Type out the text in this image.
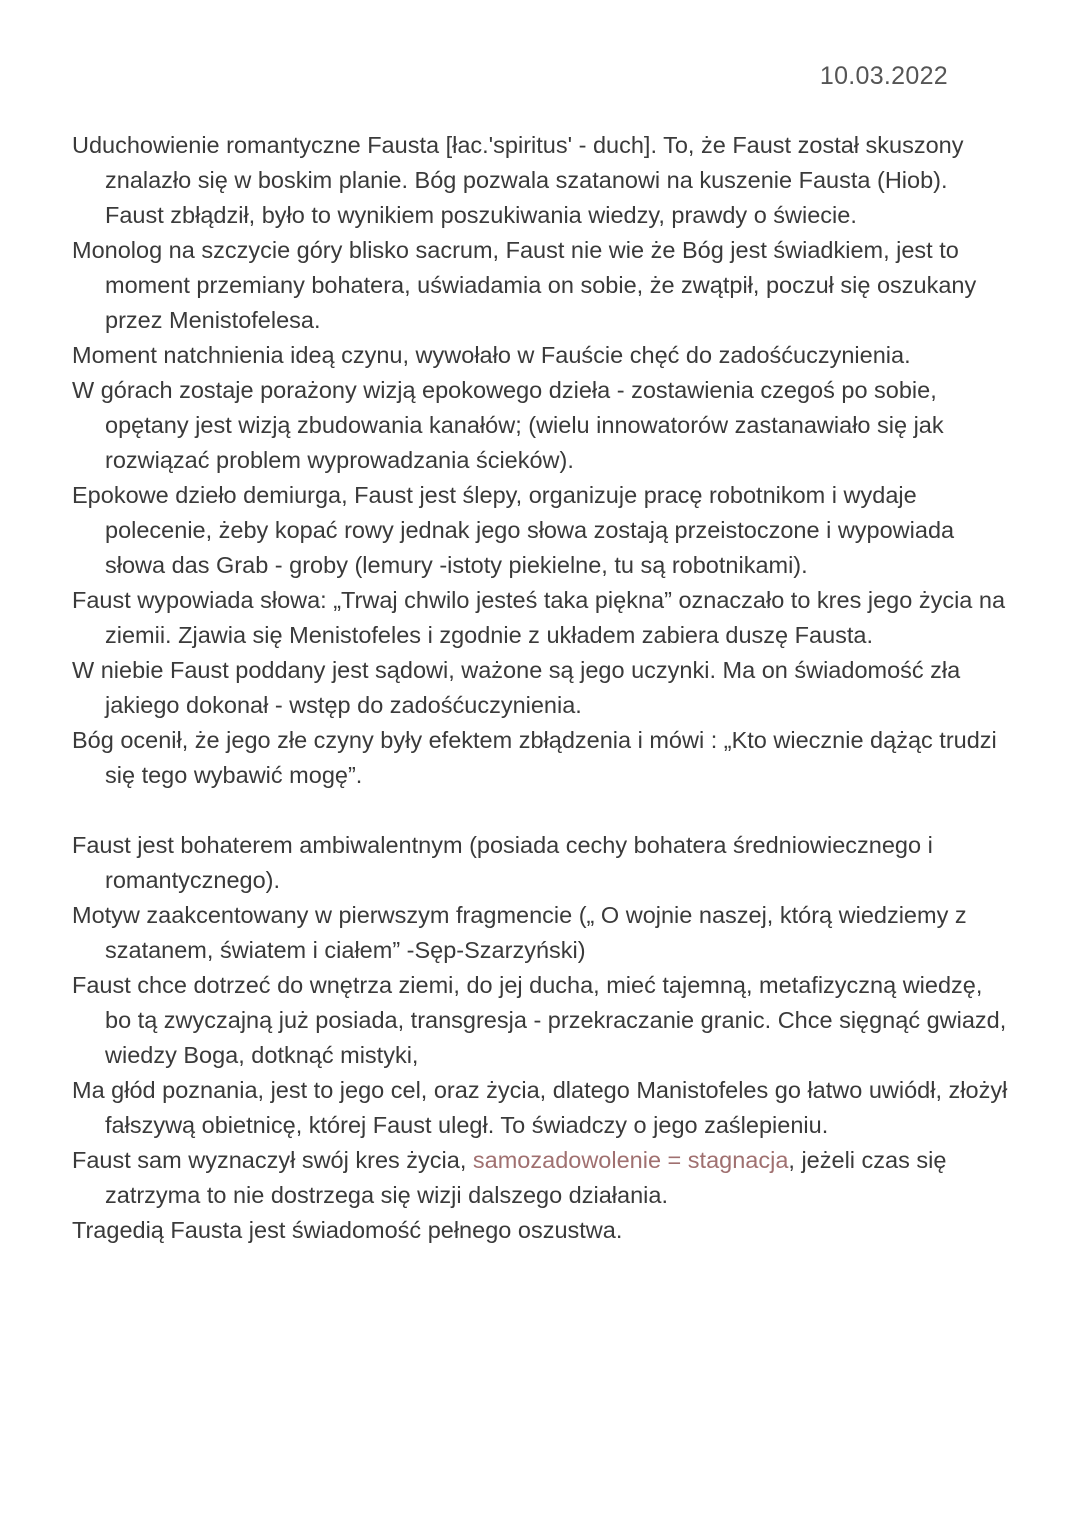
10.03.2022

Uduchowienie romantyczne Fausta [łac.'spiritus' - duch]. To, że Faust został skuszony znalazło się w boskim planie. Bóg pozwala szatanowi na kuszenie Fausta (Hiob). Faust zbłądził, było to wynikiem poszukiwania wiedzy, prawdy o świecie.

Monolog na szczycie góry blisko sacrum, Faust nie wie że Bóg jest świadkiem, jest to moment przemiany bohatera, uświadamia on sobie, że zwątpił, poczuł się oszukany przez Menistofelesa.

Moment natchnienia ideą czynu, wywołało w Fauście chęć do zadośćuczynienia.

W górach zostaje porażony wizją epokowego dzieła - zostawienia czegoś po sobie, opętany jest wizją zbudowania kanałów; (wielu innowatorów zastanawiało się jak rozwiązać problem wyprowadzania ścieków).

Epokowe dzieło demiurga, Faust jest ślepy, organizuje pracę robotnikom i wydaje polecenie, żeby kopać rowy jednak jego słowa zostają przeistoczone i wypowiada słowa das Grab - groby (lemury -istoty piekielne, tu są robotnikami).

Faust wypowiada słowa: „Trwaj chwilo jesteś taka piękna” oznaczało to kres jego życia na ziemii. Zjawia się Menistofeles i zgodnie z układem zabiera duszę Fausta.

W niebie Faust poddany jest sądowi, ważone są jego uczynki. Ma on świadomość zła jakiego dokonał - wstęp do zadośćuczynienia.

Bóg ocenił, że jego złe czyny były efektem zbłądzenia i mówi : „Kto wiecznie dążąc trudzi się tego wybawić mogę”.

Faust jest bohaterem ambiwalentnym (posiada cechy bohatera średniowiecznego i romantycznego).

Motyw zaakcentowany w pierwszym fragmencie („ O wojnie naszej, którą wiedziemy z szatanem, światem i ciałem” -Sęp-Szarzyński)

Faust chce dotrzeć do wnętrza ziemi, do jej ducha, mieć tajemną, metafizyczną wiedzę, bo tą zwyczajną już posiada, transgresja - przekraczanie granic. Chce sięgnąć gwiazd, wiedzy Boga, dotknąć mistyki,

Ma głód poznania, jest to jego cel, oraz życia, dlatego Manistofeles go łatwo uwiódł, złożył fałszywą obietnicę, której Faust uległ. To świadczy o jego zaślepieniu.

Faust sam wyznaczył swój kres życia, samozadowolenie = stagnacja, jeżeli czas się zatrzyma to nie dostrzega się wizji dalszego działania.

Tragedią Fausta jest świadomość pełnego oszustwa.
